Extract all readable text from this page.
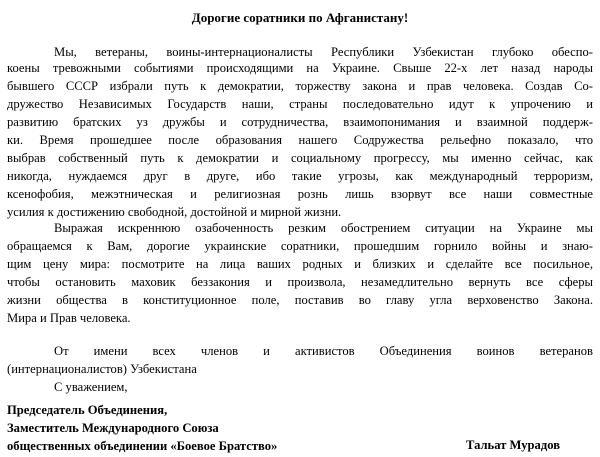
Дорогие соратники по Афганистану!
Мы, ветераны, воины-интернационалисты Республики Узбекистан глубоко обеспо-
коены тревожными событиями происходящими на Украине. Свыше 22-х лет назад народы
бывшего СССР избрали путь к демократии, торжеству закона и прав человека. Создав Со-
дружество Независимых Государств наши, страны последовательно идут к упрочению и
развитию братских уз дружбы и сотрудничества, взаимопонимания и взаимной поддерж-
ки. Время прошедшее после образования нашего Содружества рельефно показало, что
выбрав собственный путь к демократии и социальному прогрессу, мы именно сейчас, как
никогда, нуждаемся друг в друге, ибо такие угрозы, как международный терроризм,
ксенофобия, межэтническая и религиозная рознь лишь взорвут все наши совместные
усилия к достижению свободной, достойной и мирной жизни.
Выражая искреннюю озабоченность резким обострением ситуации на Украине мы
обращаемся к Вам, дорогие украинские соратники, прошедшим горнило войны и знаю-
щим цену мира: посмотрите на лица ваших родных и близких и сделайте все посильное,
чтобы остановить маховик беззакония и произвола, незамедлительно вернуть все сферы
жизни общества в конституционное поле, поставив во главу угла верховенство Закона.
Мира и Прав человека.
От имени всех членов и активистов Объединения воинов ветеранов
(интернационалистов) Узбекистана
С уважением,
Председатель Объединения,
Заместитель Международного Союза
общественных объединении «Боевое Братство»	Тальат Мурадов
